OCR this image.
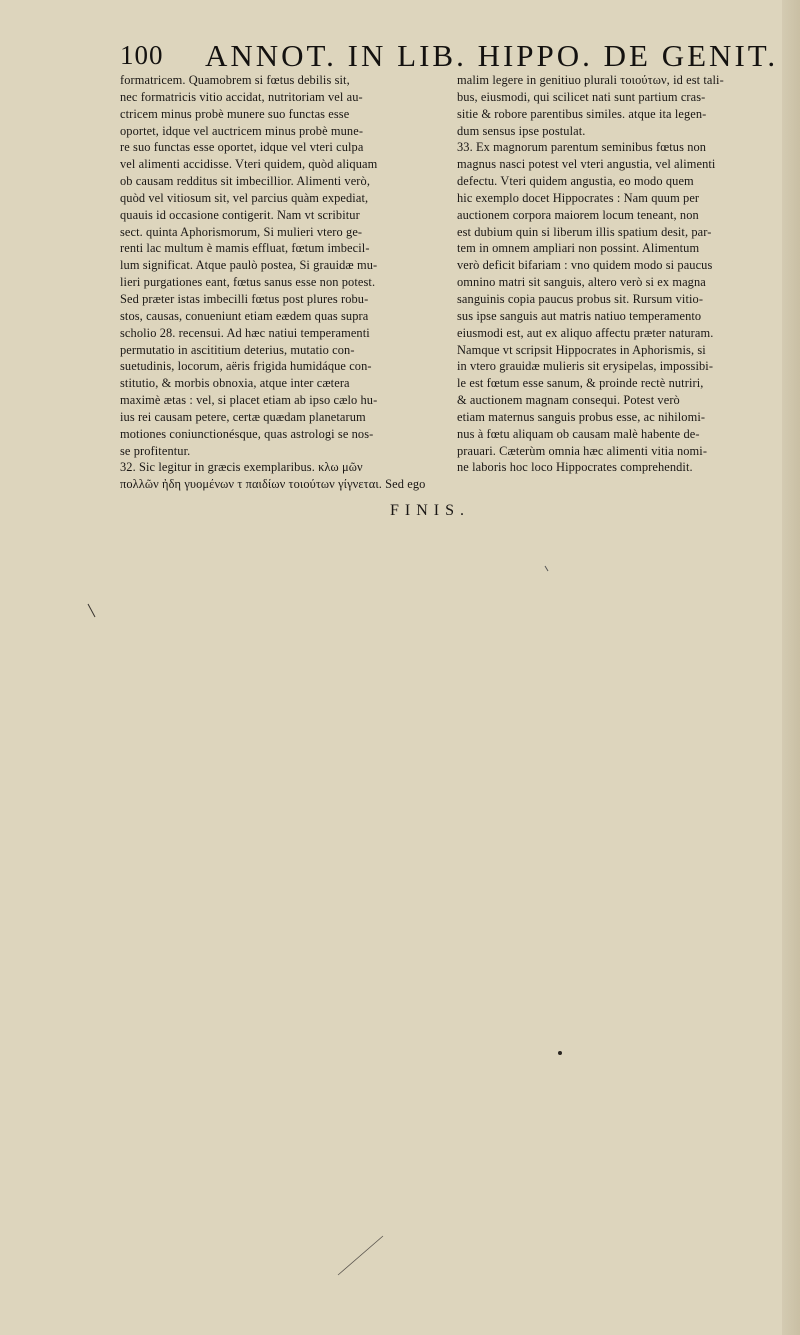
100 ANNOT. IN LIB. HIPPO. DE GENIT.
formatricem. Quamobrem si fœtus debilis sit,
nec formatricis vitio accidat, nutritoriam vel au-
ctricem minus probè munere suo functas esse
oportet, idque vel auctricem minus probè mune-
re suo functas esse oportet, idque vel vteri culpa
vel alimenti accidisse. Vteri quidem, quòd aliquam
ob causam redditus sit imbecillior. Alimenti verò,
quòd vel vitiosum sit, vel parcius quàm expediat,
quauis id occasione contigerit. Nam vt scribitur
sect. quinta Aphorismorum, Si mulieri vtero ge-
renti lac multum è mamis effluat, fœtum imbecil-
lum significat. Atque paulò postea, Si grauidæ mu-
lieri purgationes eant, fœtus sanus esse non potest.
Sed præter istas imbecilli fœtus post plures robu-
stos, causas, conueniunt etiam eædem quas supra
scholio 28. recensui. Ad hæc natiui temperamenti
permutatio in ascititium deterius, mutatio con-
suetudinis, locorum, aëris frigida humidáque con-
stitutio, & morbis obnoxia, atque inter cætera
maximè ætas : vel, si placet etiam ab ipso cælo hu-
ius rei causam petere, certæ quædam planetarum
motiones coniunctionésque, quas astrologi se nos-
se profitentur.
32. Sic legitur in græcis exemplaribus. κλω μῶν
πολλῶν ἠδη γυομένων τ παιδίων τοιούτων γίγνεται. Sed ego
malim legere in genitiuo plurali τοιούτων, id est tali-
bus, eiusmodi, qui scilicet nati sunt partium cras-
sitie & robore parentibus similes. atque ita legen-
dum sensus ipse postulat.
33. Ex magnorum parentum seminibus fœtus non
magnus nasci potest vel vteri angustia, vel alimenti
defectu. Vteri quidem angustia, eo modo quem
hic exemplo docet Hippocrates : Nam quum per
auctionem corpora maiorem locum teneant, non
est dubium quin si liberum illis spatium desit, par-
tem in omnem ampliari non possint. Alimentum
verò deficit bifariam : vno quidem modo si paucus
omnino matri sit sanguis, altero verò si ex magna
sanguinis copia paucus probus sit. Rursum vitio-
sus ipse sanguis aut matris natiuo temperamento
eiusmodi est, aut ex aliquo affectu præter naturam.
Namque vt scripsit Hippocrates in Aphorismis, si
in vtero grauidæ mulieris sit erysipelas, impossibi-
le est fœtum esse sanum, & proinde rectè nutriri,
& auctionem magnam consequi. Potest verò
etiam maternus sanguis probus esse, ac nihilomi-
nus à fœtu aliquam ob causam malè habente de-
prauari. Cæterùm omnia hæc alimenti vitia nomi-
ne laboris hoc loco Hippocrates comprehendit.
FINIS.
